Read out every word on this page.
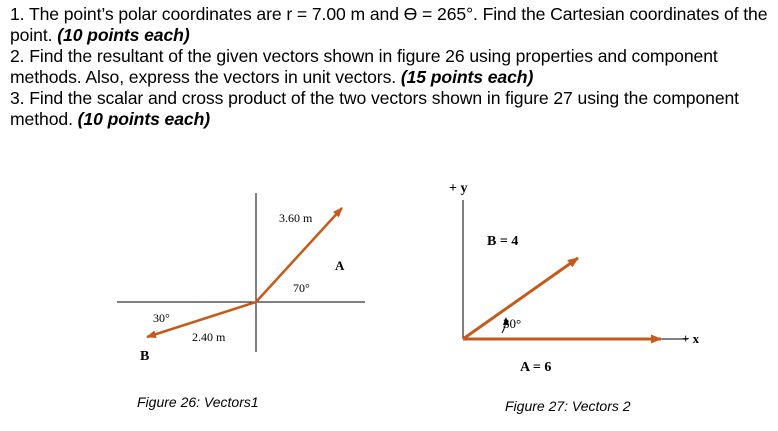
1. The point’s polar coordinates are r = 7.00 m and ϴ = 265°. Find the Cartesian coordinates of the point. (10 points each)

2. Find the resultant of the given vectors shown in figure 26 using properties and component methods. Also, express the vectors in unit vectors. (15 points each)

3. Find the scalar and cross product of the two vectors shown in figure 27 using the component method. (10 points each)

3.60 m
A
70°
30°
2.40 m
B
+ y
B = 4
30°
+ x
A = 6
Figure 26: Vectors1	Figure 27: Vectors 2
